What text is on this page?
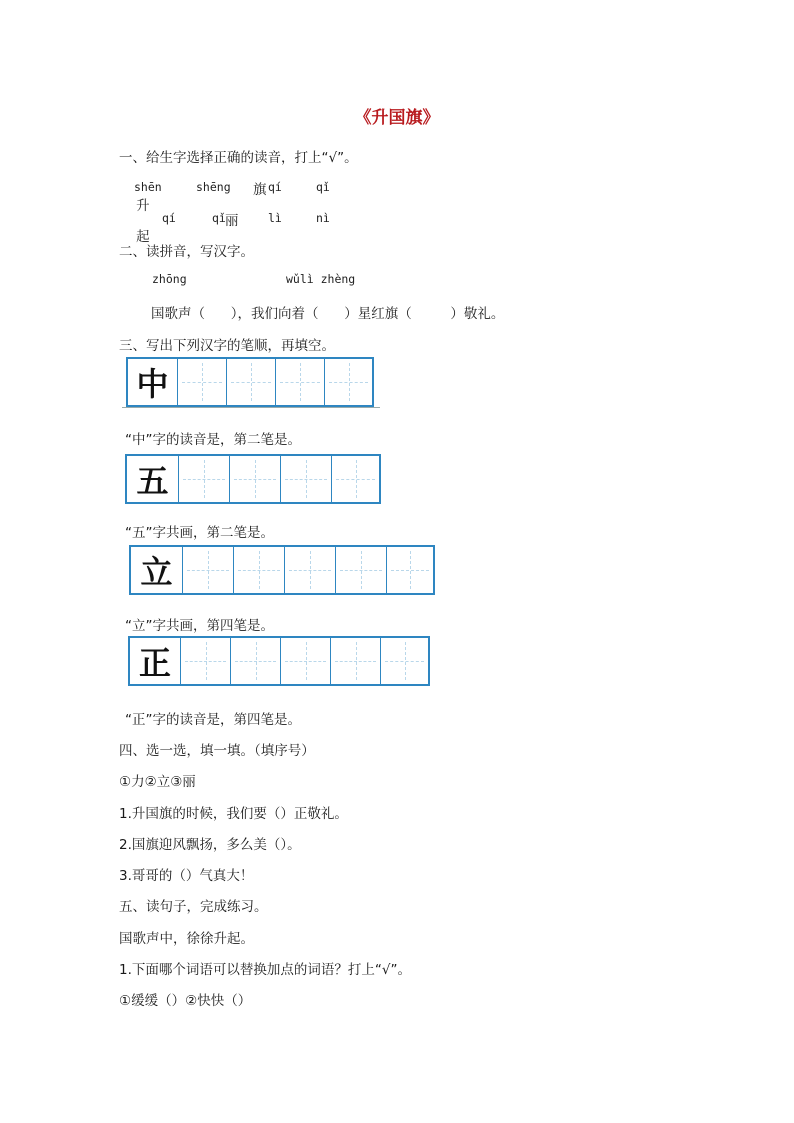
《升国旗》
一、给生字选择正确的读音，打上“√”。

升

shēn	shēng 旗 qí	qǐ

起

qí	qǐ 丽	lì	nì
二、读拼音，写汉字。
zhōng	wǔlì zhèng
国歌声（      ），我们向着（      ）星红旗（         ）敬礼。
三、写出下列汉字的笔顺，再填空。
中
“中”字的读音是，第二笔是。
五
“五”字共画，第二笔是。
立
“立”字共画，第四笔是。
正
“正”字的读音是，第四笔是。
四、选一选，填一填。（填序号）
①力②立③丽
1.升国旗的时候，我们要（）正敬礼。
2.国旗迎风飘扬，多么美（）。
3.哥哥的（）气真大！
五、读句子，完成练习。
国歌声中，徐徐升起。
1.下面哪个词语可以替换加点的词语？打上“√”。
①缓缓（）②快快（）
